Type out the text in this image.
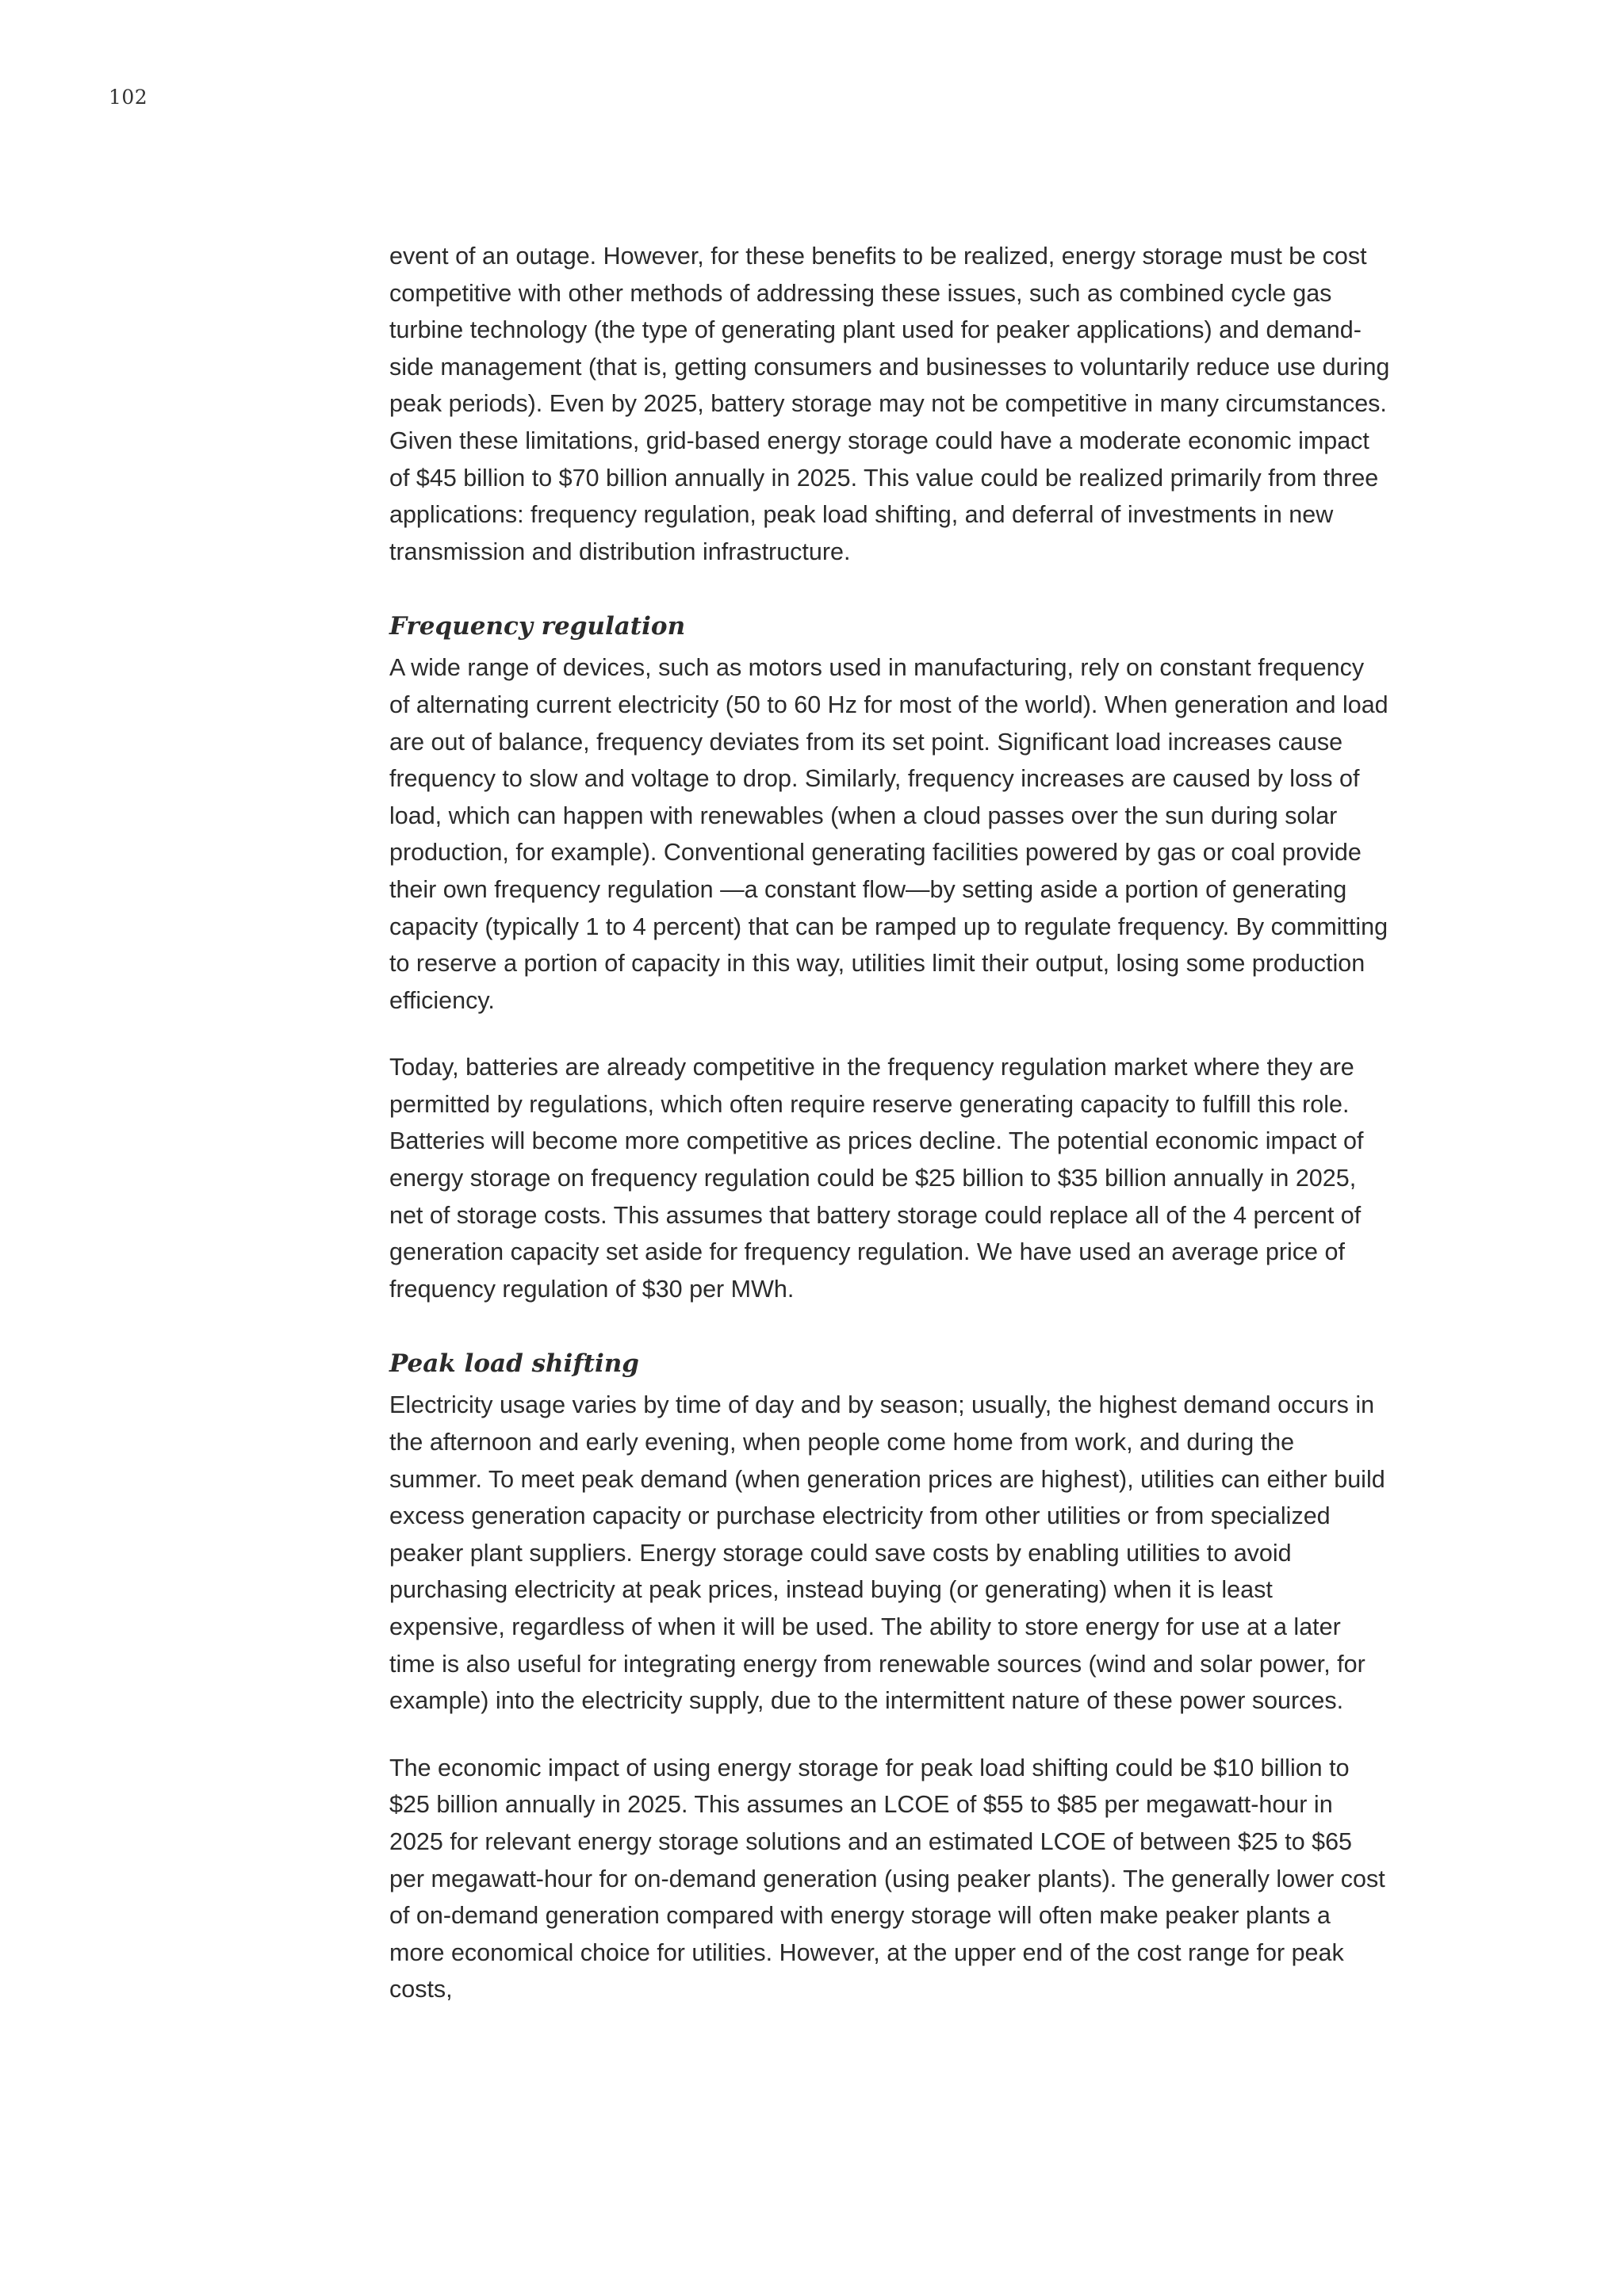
102

event of an outage. However, for these benefits to be realized, energy storage must be cost competitive with other methods of addressing these issues, such as combined cycle gas turbine technology (the type of generating plant used for peaker applications) and demand-side management (that is, getting consumers and businesses to voluntarily reduce use during peak periods). Even by 2025, battery storage may not be competitive in many circumstances. Given these limitations, grid-based energy storage could have a moderate economic impact of $45 billion to $70 billion annually in 2025. This value could be realized primarily from three applications: frequency regulation, peak load shifting, and deferral of investments in new transmission and distribution infrastructure.

Frequency regulation

A wide range of devices, such as motors used in manufacturing, rely on constant frequency of alternating current electricity (50 to 60 Hz for most of the world). When generation and load are out of balance, frequency deviates from its set point. Significant load increases cause frequency to slow and voltage to drop. Similarly, frequency increases are caused by loss of load, which can happen with renewables (when a cloud passes over the sun during solar production, for example). Conventional generating facilities powered by gas or coal provide their own frequency regulation —a constant flow—by setting aside a portion of generating capacity (typically 1 to 4 percent) that can be ramped up to regulate frequency. By committing to reserve a portion of capacity in this way, utilities limit their output, losing some production efficiency.

Today, batteries are already competitive in the frequency regulation market where they are permitted by regulations, which often require reserve generating capacity to fulfill this role. Batteries will become more competitive as prices decline. The potential economic impact of energy storage on frequency regulation could be $25 billion to $35 billion annually in 2025, net of storage costs. This assumes that battery storage could replace all of the 4 percent of generation capacity set aside for frequency regulation. We have used an average price of frequency regulation of $30 per MWh.

Peak load shifting

Electricity usage varies by time of day and by season; usually, the highest demand occurs in the afternoon and early evening, when people come home from work, and during the summer. To meet peak demand (when generation prices are highest), utilities can either build excess generation capacity or purchase electricity from other utilities or from specialized peaker plant suppliers. Energy storage could save costs by enabling utilities to avoid purchasing electricity at peak prices, instead buying (or generating) when it is least expensive, regardless of when it will be used. The ability to store energy for use at a later time is also useful for integrating energy from renewable sources (wind and solar power, for example) into the electricity supply, due to the intermittent nature of these power sources.

The economic impact of using energy storage for peak load shifting could be $10 billion to $25 billion annually in 2025. This assumes an LCOE of $55 to $85 per megawatt-hour in 2025 for relevant energy storage solutions and an estimated LCOE of between $25 to $65 per megawatt-hour for on-demand generation (using peaker plants). The generally lower cost of on-demand generation compared with energy storage will often make peaker plants a more economical choice for utilities. However, at the upper end of the cost range for peak costs,
